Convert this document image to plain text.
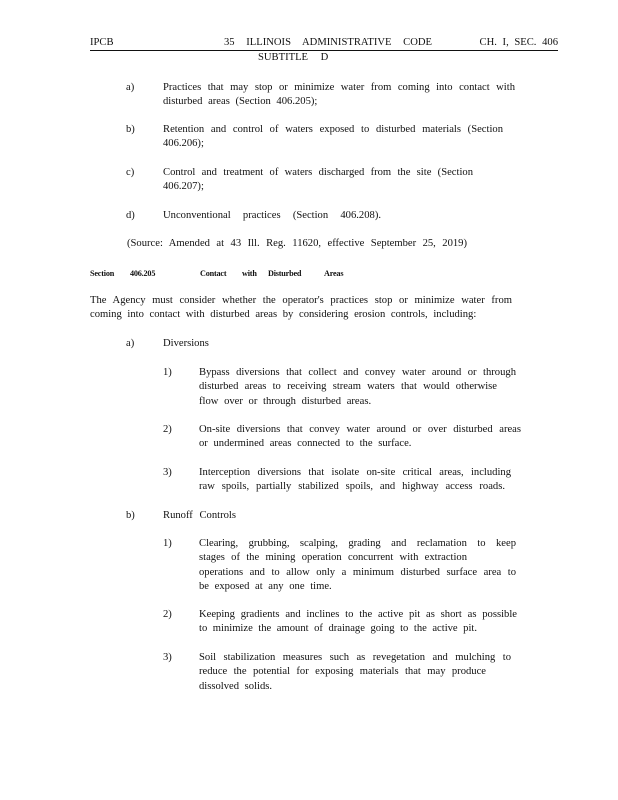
IPCB	35 ILLINOIS ADMINISTRATIVE CODE	CH. I, SEC. 406
SUBTITLE D
a)	Practices that may stop or minimize water from coming into contact with
disturbed areas (Section 406.205);
b)	Retention and control of waters exposed to disturbed materials (Section
406.206);
c)	Control and treatment of waters discharged from the site (Section
406.207);
d)	Unconventional practices (Section 406.208).
(Source: Amended at 43 Ill. Reg. 11620, effective September 25, 2019)
Section 406.205	Contact with Disturbed	Areas
The Agency must consider whether the operator's practices stop or minimize water from
coming into contact with disturbed areas by considering erosion controls, including:
a)	Diversions
1)	Bypass diversions that collect and convey water around or through
disturbed areas to receiving stream waters that would otherwise
flow over or through disturbed areas.
2)	On-site diversions that convey water around or over disturbed areas
or undermined areas connected to the surface.
3)	Interception diversions that isolate on-site critical areas, including
raw spoils, partially stabilized spoils, and highway access roads.
b)	Runoff Controls
1)	Clearing, grubbing, scalping, grading and reclamation to keep
stages of the mining operation concurrent with extraction
operations and to allow only a minimum disturbed surface area to
be exposed at any one time.
2)	Keeping gradients and inclines to the active pit as short as possible
to minimize the amount of drainage going to the active pit.
3)	Soil stabilization measures such as revegetation and mulching to
reduce the potential for exposing materials that may produce
dissolved solids.
